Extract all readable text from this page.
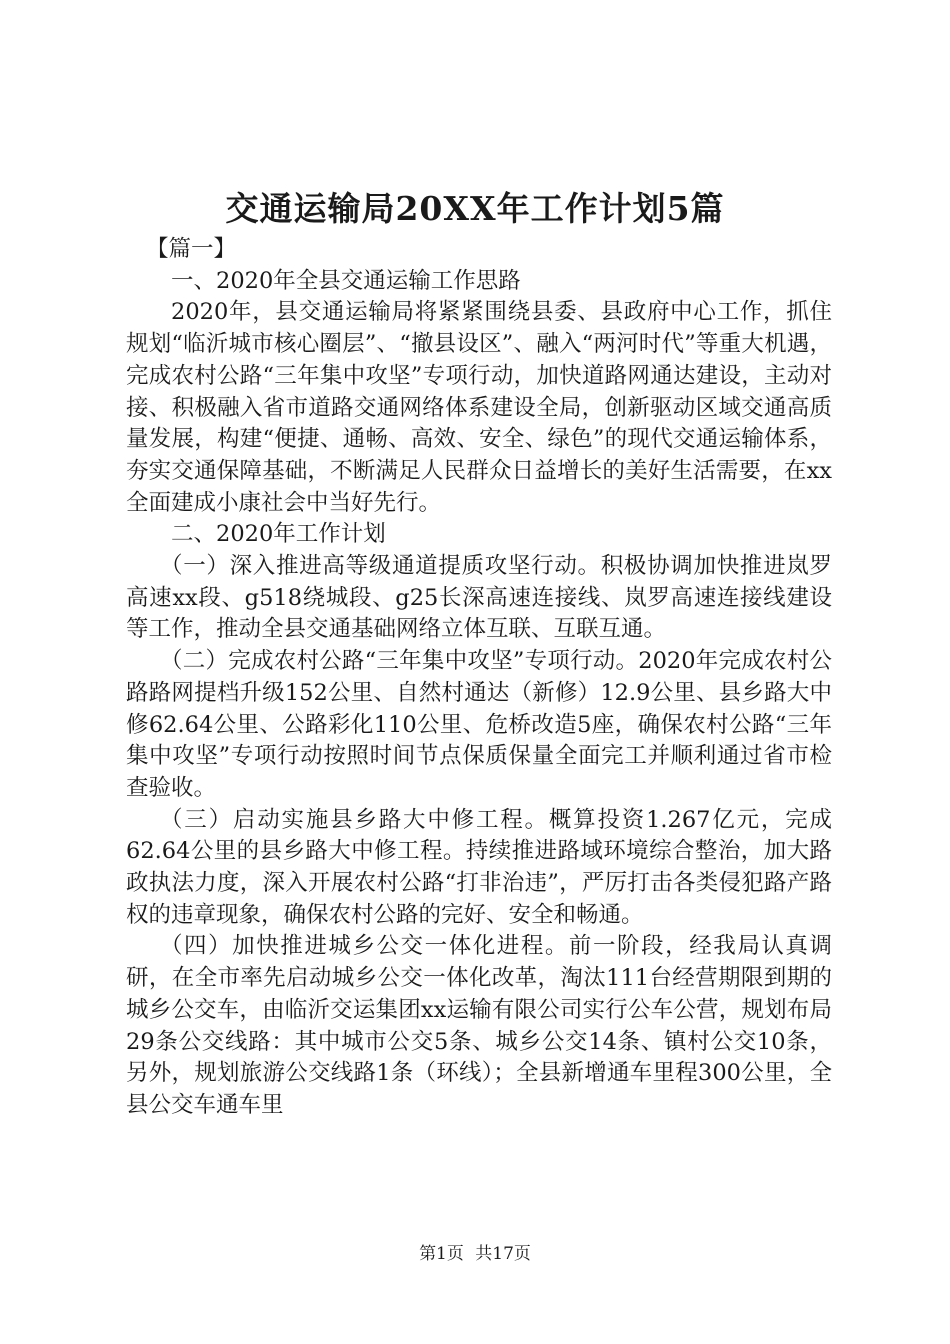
交通运输局20XX年工作计划5篇

【篇一】

一、2020年全县交通运输工作思路

2020年，县交通运输局将紧紧围绕县委、县政府中心工作，抓住规划“临沂城市核心圈层”、“撤县设区”、融入“两河时代”等重大机遇，完成农村公路“三年集中攻坚”专项行动，加快道路网通达建设，主动对接、积极融入省市道路交通网络体系建设全局，创新驱动区域交通高质量发展，构建“便捷、通畅、高效、安全、绿色”的现代交通运输体系，夯实交通保障基础，不断满足人民群众日益增长的美好生活需要，在xx全面建成小康社会中当好先行。

二、2020年工作计划

（一）深入推进高等级通道提质攻坚行动。积极协调加快推进岚罗高速xx段、g518绕城段、g25长深高速连接线、岚罗高速连接线建设等工作，推动全县交通基础网络立体互联、互联互通。

（二）完成农村公路“三年集中攻坚”专项行动。2020年完成农村公路路网提档升级152公里、自然村通达（新修）12.9公里、县乡路大中修62.64公里、公路彩化110公里、危桥改造5座，确保农村公路“三年集中攻坚”专项行动按照时间节点保质保量全面完工并顺利通过省市检查验收。

（三）启动实施县乡路大中修工程。概算投资1.267亿元，完成62.64公里的县乡路大中修工程。持续推进路域环境综合整治，加大路政执法力度，深入开展农村公路“打非治违”，严厉打击各类侵犯路产路权的违章现象，确保农村公路的完好、安全和畅通。

（四）加快推进城乡公交一体化进程。前一阶段，经我局认真调研，在全市率先启动城乡公交一体化改革，淘汰111台经营期限到期的城乡公交车，由临沂交运集团xx运输有限公司实行公车公营，规划布局29条公交线路：其中城市公交5条、城乡公交14条、镇村公交10条，另外，规划旅游公交线路1条（环线）；全县新增通车里程300公里，全县公交车通车里

第1页 共17页
